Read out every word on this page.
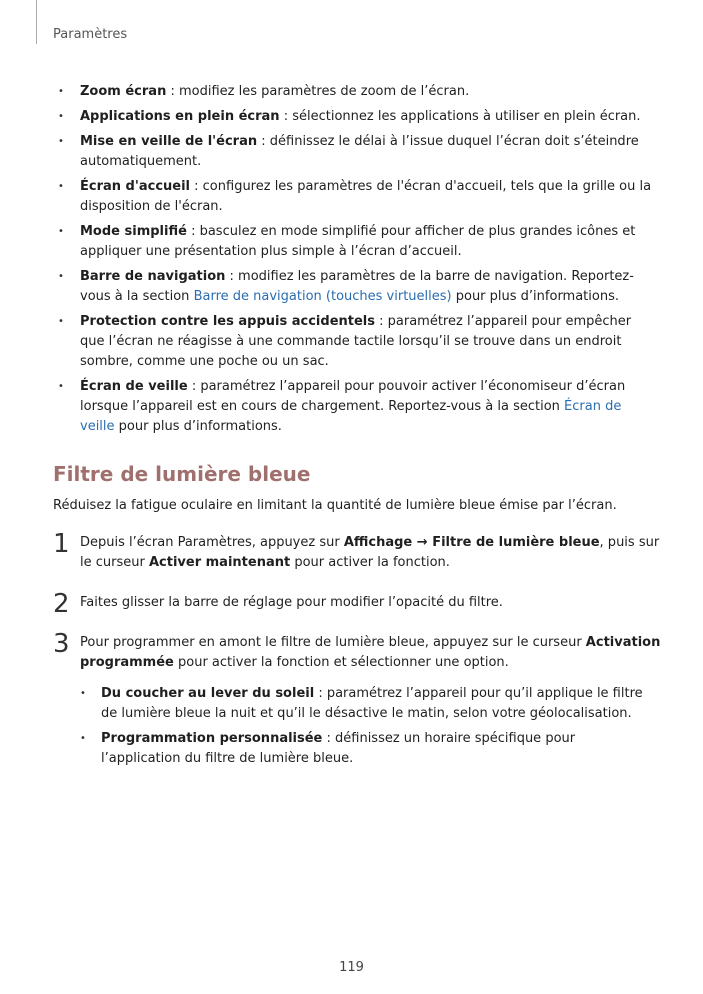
Paramètres
• Zoom écran : modifiez les paramètres de zoom de l’écran.
• Applications en plein écran : sélectionnez les applications à utiliser en plein écran.
• Mise en veille de l'écran : définissez le délai à l’issue duquel l’écran doit s’éteindre automatiquement.
• Écran d'accueil : configurez les paramètres de l'écran d'accueil, tels que la grille ou la disposition de l'écran.
• Mode simplifié : basculez en mode simplifié pour afficher de plus grandes icônes et appliquer une présentation plus simple à l’écran d’accueil.
• Barre de navigation : modifiez les paramètres de la barre de navigation. Reportez-vous à la section Barre de navigation (touches virtuelles) pour plus d’informations.
• Protection contre les appuis accidentels : paramétrez l’appareil pour empêcher que l’écran ne réagisse à une commande tactile lorsqu’il se trouve dans un endroit sombre, comme une poche ou un sac.
• Écran de veille : paramétrez l’appareil pour pouvoir activer l’économiseur d’écran lorsque l’appareil est en cours de chargement. Reportez-vous à la section Écran de veille pour plus d’informations.
Filtre de lumière bleue
Réduisez la fatigue oculaire en limitant la quantité de lumière bleue émise par l’écran.
1 Depuis l’écran Paramètres, appuyez sur Affichage → Filtre de lumière bleue, puis sur le curseur Activer maintenant pour activer la fonction.
2 Faites glisser la barre de réglage pour modifier l’opacité du filtre.
3 Pour programmer en amont le filtre de lumière bleue, appuyez sur le curseur Activation programmée pour activer la fonction et sélectionner une option.
• Du coucher au lever du soleil : paramétrez l’appareil pour qu’il applique le filtre de lumière bleue la nuit et qu’il le désactive le matin, selon votre géolocalisation.
• Programmation personnalisée : définissez un horaire spécifique pour l’application du filtre de lumière bleue.
119
